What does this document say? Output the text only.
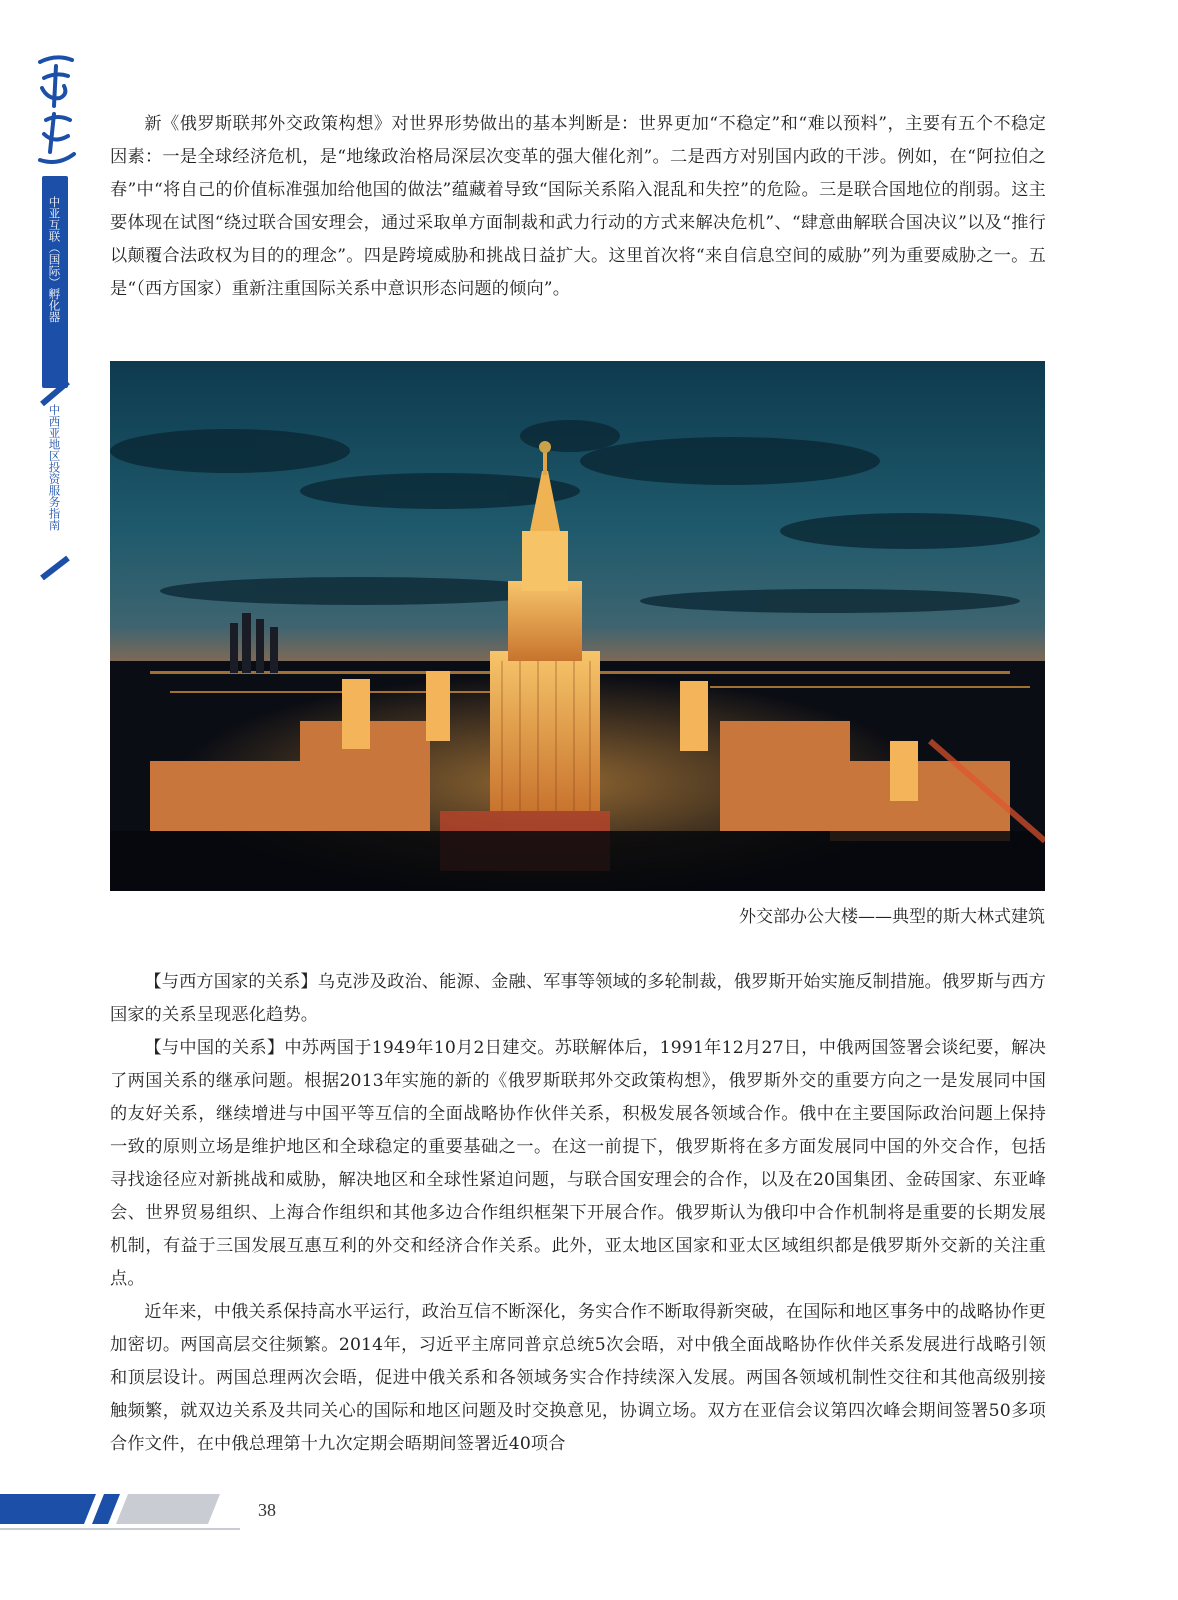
中亚互联（国际）孵化器
中西亚地区投资服务指南

新《俄罗斯联邦外交政策构想》对世界形势做出的基本判断是：世界更加“不稳定”和“难以预料”，主要有五个不稳定因素：一是全球经济危机，是“地缘政治格局深层次变革的强大催化剂”。二是西方对别国内政的干涉。例如，在“阿拉伯之春”中“将自己的价值标准强加给他国的做法”蕴藏着导致“国际关系陷入混乱和失控”的危险。三是联合国地位的削弱。这主要体现在试图“绕过联合国安理会，通过采取单方面制裁和武力行动的方式来解决危机”、“肆意曲解联合国决议”以及“推行以颠覆合法政权为目的的理念”。四是跨境威胁和挑战日益扩大。这里首次将“来自信息空间的威胁”列为重要威胁之一。五是“（西方国家）重新注重国际关系中意识形态问题的倾向”。

外交部办公大楼——典型的斯大林式建筑

【与西方国家的关系】乌克涉及政治、能源、金融、军事等领域的多轮制裁，俄罗斯开始实施反制措施。俄罗斯与西方国家的关系呈现恶化趋势。

【与中国的关系】中苏两国于1949年10月2日建交。苏联解体后，1991年12月27日，中俄两国签署会谈纪要，解决了两国关系的继承问题。根据2013年实施的新的《俄罗斯联邦外交政策构想》，俄罗斯外交的重要方向之一是发展同中国的友好关系，继续增进与中国平等互信的全面战略协作伙伴关系，积极发展各领域合作。俄中在主要国际政治问题上保持一致的原则立场是维护地区和全球稳定的重要基础之一。在这一前提下，俄罗斯将在多方面发展同中国的外交合作，包括寻找途径应对新挑战和威胁，解决地区和全球性紧迫问题，与联合国安理会的合作，以及在20国集团、金砖国家、东亚峰会、世界贸易组织、上海合作组织和其他多边合作组织框架下开展合作。俄罗斯认为俄印中合作机制将是重要的长期发展机制，有益于三国发展互惠互利的外交和经济合作关系。此外，亚太地区国家和亚太区域组织都是俄罗斯外交新的关注重点。

近年来，中俄关系保持高水平运行，政治互信不断深化，务实合作不断取得新突破，在国际和地区事务中的战略协作更加密切。两国高层交往频繁。2014年，习近平主席同普京总统5次会晤，对中俄全面战略协作伙伴关系发展进行战略引领和顶层设计。两国总理两次会晤，促进中俄关系和各领域务实合作持续深入发展。两国各领域机制性交往和其他高级别接触频繁，就双边关系及共同关心的国际和地区问题及时交换意见，协调立场。双方在亚信会议第四次峰会期间签署50多项合作文件，在中俄总理第十九次定期会晤期间签署近40项合

38
